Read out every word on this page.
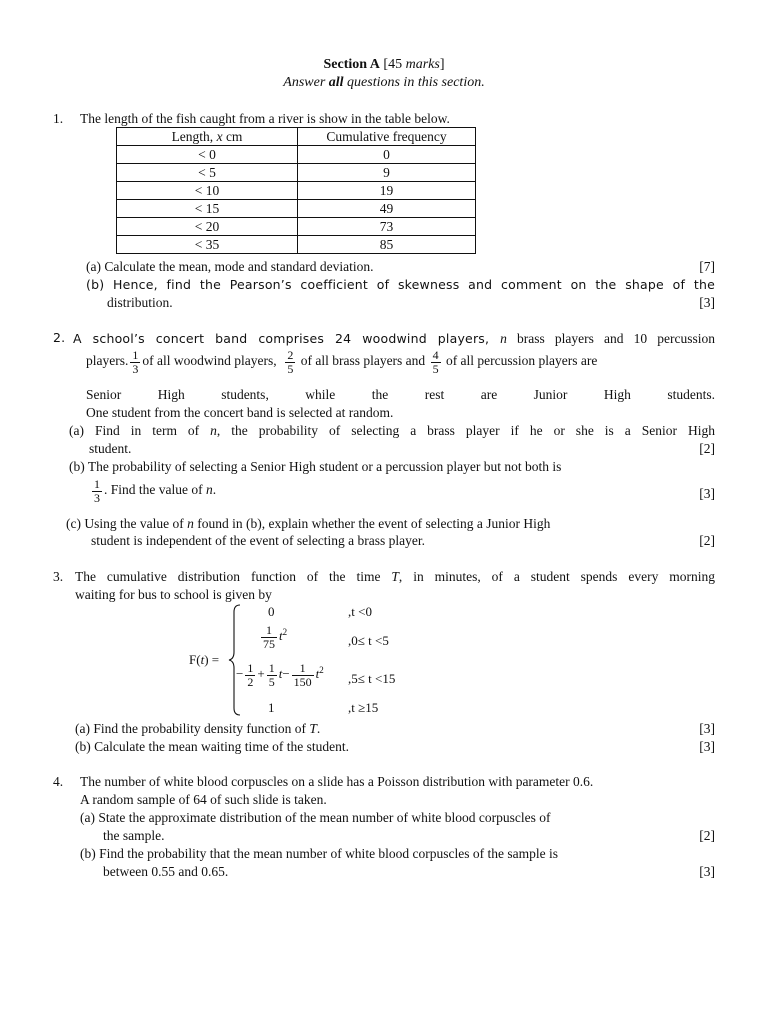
Section A [45 marks]
Answer all questions in this section.
1. The length of the fish caught from a river is show in the table below.
Length, x cm	Cumulative frequency
< 0	0
< 5	9
< 10	19
< 15	49
< 20	73
< 35	85
(a) Calculate the mean, mode and standard deviation.	[7]
(b) Hence, find the Pearson’s coefficient of skewness and comment on the shape of the
distribution.	[3]
2. A school’s concert band comprises 24 woodwind players, n brass players and 10 percussion
players. $\frac{1}{3}$ of all woodwind players, $\frac{2}{5}$ of all brass players and $\frac{4}{5}$ of all percussion players are
Senior	High	students,	while	the	rest	are	Junior	High	students.
One student from the concert band is selected at random.
(a) Find in term of n, the probability of selecting a brass player if he or she is a Senior High
student.	[2]
(b) The probability of selecting a Senior High student or a percussion player but not both is
$\frac{1}{3}$ . Find the value of n.	[3]
(c) Using the value of n found in (b), explain whether the event of selecting a Junior High
student is independent of the event of selecting a brass player.	[2]
3. The cumulative distribution function of the time T, in minutes, of a student spends every morning
waiting for bus to school is given by
F(t) =
0	,t <0
$\frac{1}{75} t^2$
,0≤ t <5
− $\frac{1}{2} + \frac{1}{5} t- \frac{1}{150} t^2$
,5≤ t <15
1	,t ≥15
(a) Find the probability density function of T.	[3]
(b) Calculate the mean waiting time of the student.	[3]
4. The number of white blood corpuscles on a slide has a Poisson distribution with parameter 0.6.
A random sample of 64 of such slide is taken.
(a) State the approximate distribution of the mean number of white blood corpuscles of
the sample.	[2]
(b) Find the probability that the mean number of white blood corpuscles of the sample is
between 0.55 and 0.65.	[3]
